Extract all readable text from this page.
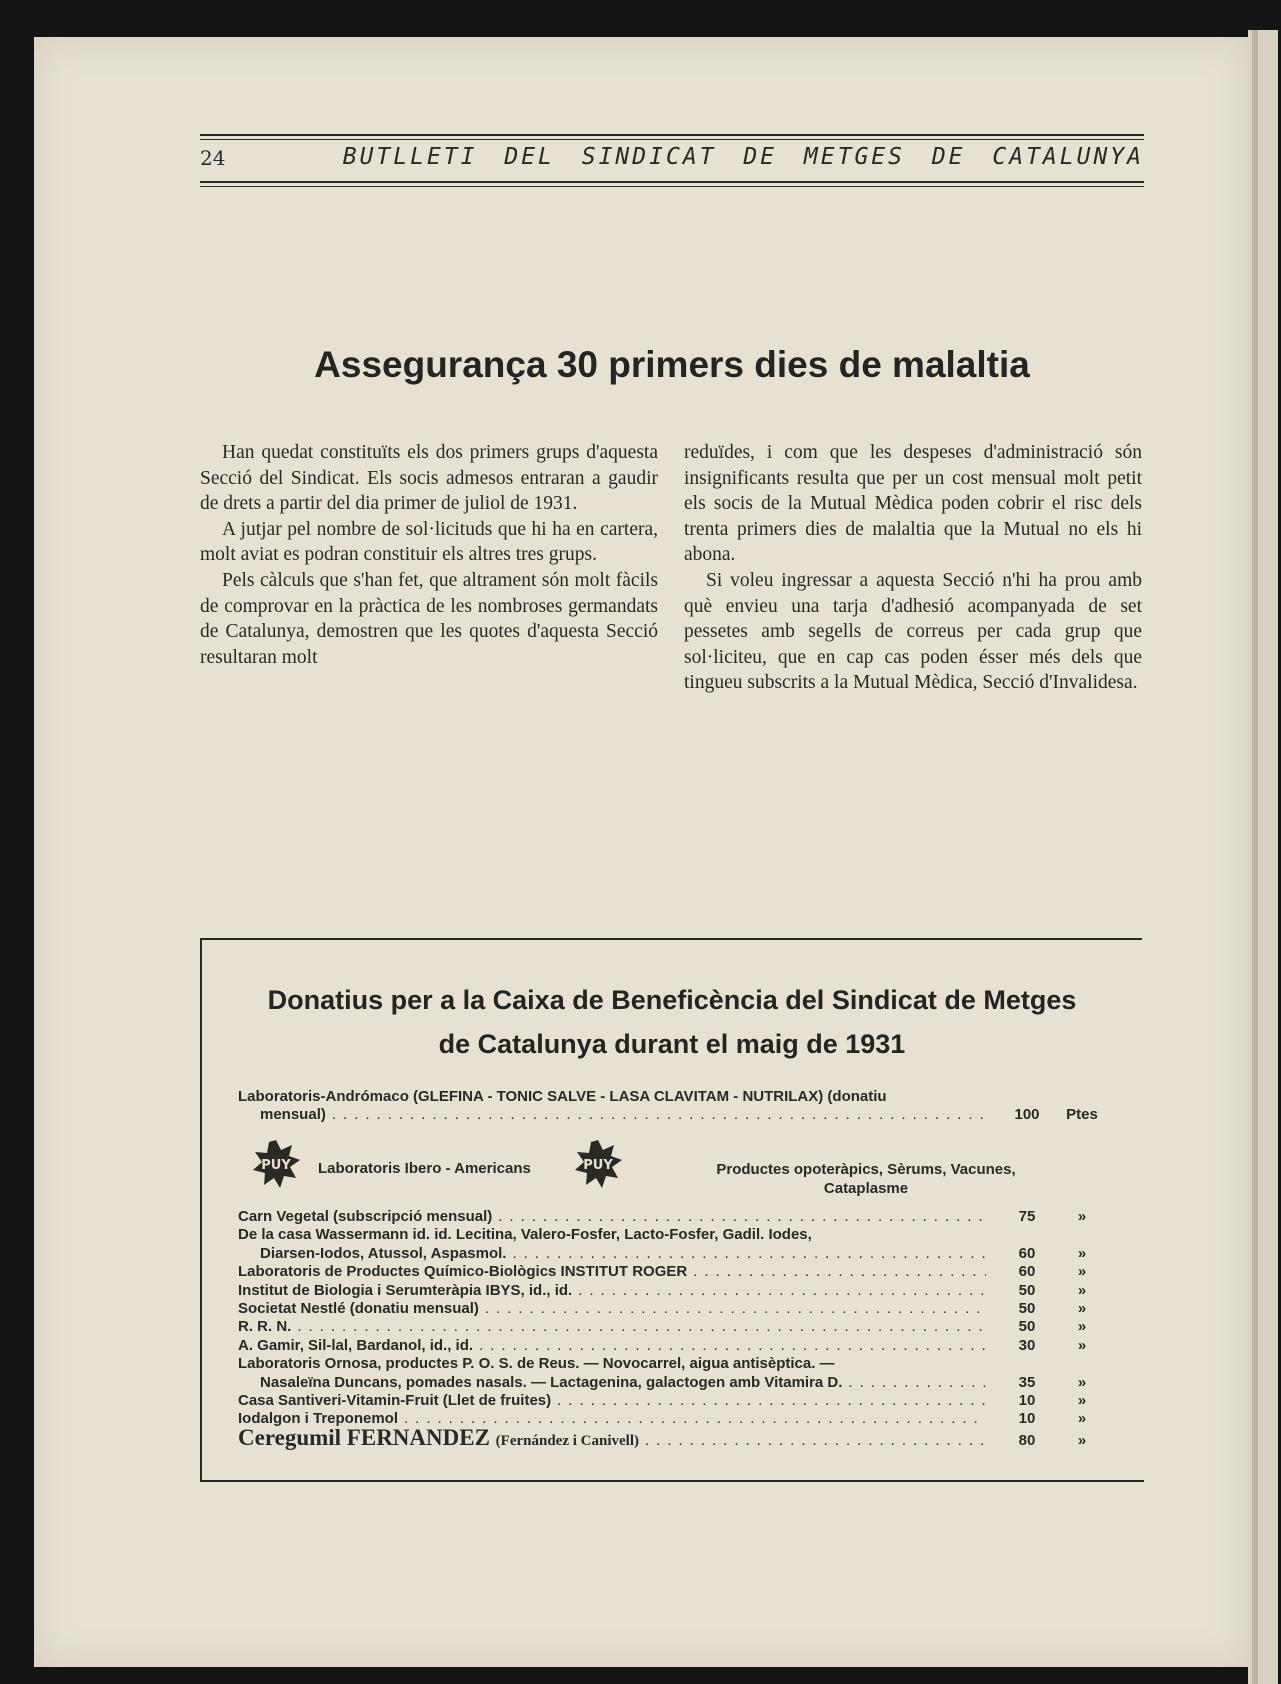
24	BUTLLETI DEL SINDICAT DE METGES DE CATALUNYA
Assegurança 30 primers dies de malaltia

Han quedat constituïts els dos primers grups d'aquesta Secció del Sindicat. Els socis admesos entraran a gaudir de drets a partir del dia primer de juliol de 1931.

A jutjar pel nombre de sol·licituds que hi ha en cartera, molt aviat es podran constituir els altres tres grups.

Pels càlculs que s'han fet, que altrament són molt fàcils de comprovar en la pràctica de les nombroses germandats de Catalunya, demostren que les quotes d'aquesta Secció resultaran molt

reduïdes, i com que les despeses d'administració són insignificants resulta que per un cost mensual molt petit els socis de la Mutual Mèdica poden cobrir el risc dels trenta primers dies de malaltia que la Mutual no els hi abona.

Si voleu ingressar a aquesta Secció n'hi ha prou amb què envieu una tarja d'adhesió acompanyada de set pessetes amb segells de correus per cada grup que sol·liciteu, que en cap cas poden ésser més dels que tingueu subscrits a la Mutual Mèdica, Secció d'Invalidesa.

Donatius per a la Caixa de Beneficència del Sindicat de Metges
de Catalunya durant el maig de 1931
Laboratoris-Andrómaco (GLEFINA - TONIC SALVE - LASA CLAVITAM - NUTRILAX) (donatiu
mensual) .....	100	Ptes
PUY Laboratoris Ibero - Americans	PUY	Productes opoteràpics, Sèrums, Vacunes,
Cataplasme
Carn Vegetal (subscripció mensual) .....	75	»
De la casa Wassermann id. id. Lecitina, Valero-Fosfer, Lacto-Fosfer, Gadil. Iodes,
Diarsen-Iodos, Atussol, Aspasmol. .....	60	»
Laboratoris de Productes Químico-Biològics INSTITUT ROGER .....	60	»
Institut de Biologia i Serumteràpia IBYS, id., id. .....	50	»
Societat Nestlé (donatiu mensual) .....	50	»
R. R. N. .....	50	»
A. Gamir, Sil-lal, Bardanol, id., id. .....	30	»
Laboratoris Ornosa, productes P. O. S. de Reus. — Novocarrel, aigua antisèptica. —
Nasaleïna Duncans, pomades nasals. — Lactagenina, galactogen amb Vitamira D. .....	35	»
Casa Santiveri-Vitamin-Fruit (Llet de fruites) .....	10	»
Iodalgon i Treponemol .....	10	»
Ceregumil FERNANDEZ (Fernández i Canivell) .....	80	»
